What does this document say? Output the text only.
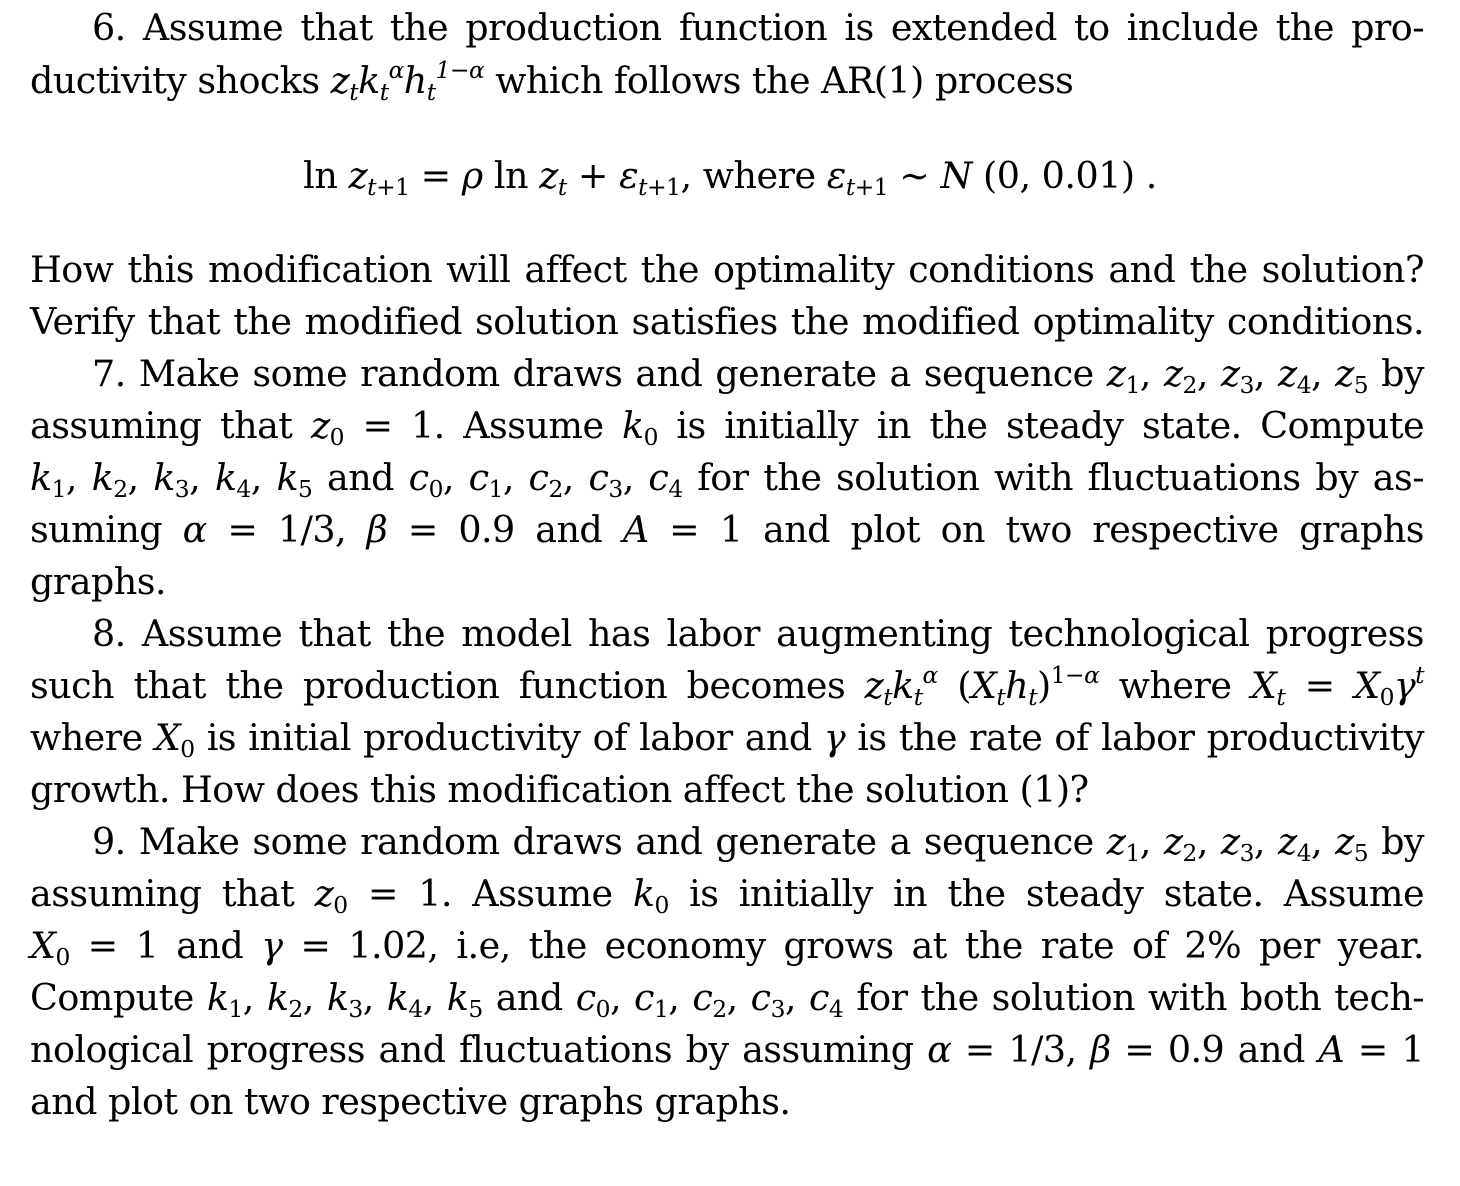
6. Assume that the production function is extended to include the pro-
ductivity shocks $z_tk_t^\alpha h_t^{1-\alpha}$ which follows the AR(1) process
$\ln z_{t+1} = \rho$ $\ln z_t + \varepsilon_{t+1}$, where $\varepsilon_{t+1}$ ∼ N (0, 0.01) .
How this modification will affect the optimality conditions and the solution?
Verify that the modified solution satisfies the modified optimality conditions.
7. Make some random draws and generate a sequence $z_1$, $z_2$, $z_3$, $z_4$, $z_5$ by
assuming that $z_0 = 1$. Assume $k_0$ is initially in the steady state. Compute
$k_1$, $k_2$, $k_3$, $k_4$, $k_5$ and $c_0$, $c_1$, $c_2$, $c_3$, $c_4$ for the solution with fluctuations by as-
suming α = 1/3, β = 0.9 and A = 1 and plot on two respective graphs
graphs.
8. Assume that the model has labor augmenting technological progress
such that the production function becomes $z_tk_t^\alpha$ $(X_th_t)^{1-\alpha}$ where $X_t = X_0\gamma^t$
where $X_0$ is initial productivity of labor and γ is the rate of labor productivity
growth. How does this modification affect the solution (1)?
9. Make some random draws and generate a sequence $z_1$, $z_2$, $z_3$, $z_4$, $z_5$ by
assuming that $z_0 = 1$. Assume $k_0$ is initially in the steady state. Assume
$X_0 = 1$ and γ = 1.02, i.e, the economy grows at the rate of 2% per year.
Compute $k_1$, $k_2$, $k_3$, $k_4$, $k_5$ and $c_0$, $c_1$, $c_2$, $c_3$, $c_4$ for the solution with both tech-
nological progress and fluctuations by assuming α = 1/3, β = 0.9 and A = 1
and plot on two respective graphs graphs.
